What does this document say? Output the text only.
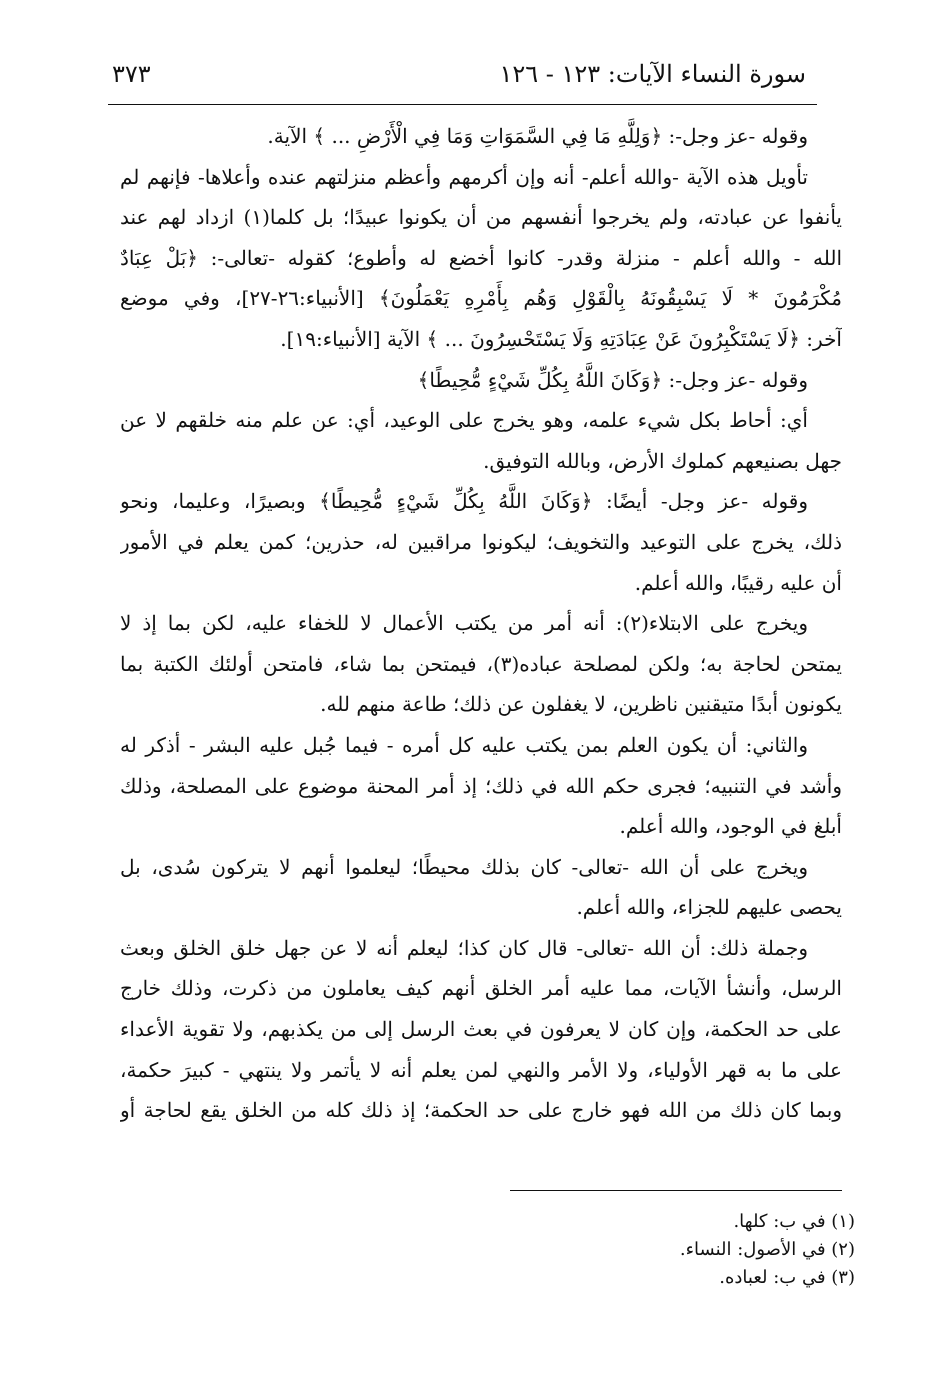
سورة النساء الآيات: ١٢٣ - ١٢٦
٣٧٣
وقوله -عز وجل-: ﴿وَلِلَّهِ مَا فِي السَّمَوَاتِ وَمَا فِي الْأَرْضِ ... ﴾ الآية.
تأويل هذه الآية -والله أعلم- أنه وإن أكرمهم وأعظم منزلتهم عنده وأعلاها- فإنهم لم
يأنفوا عن عبادته، ولم يخرجوا أنفسهم من أن يكونوا عبيدًا؛ بل كلما(١) ازداد لهم عند
الله - والله أعلم - منزلة وقدر- كانوا أخضع له وأطوع؛ كقوله -تعالى-: ﴿بَلْ عِبَادٌ
مُكْرَمُونَ * لَا يَسْبِقُونَهُ بِالْقَوْلِ وَهُم بِأَمْرِهِ يَعْمَلُونَ﴾ [الأنبياء:٢٦-٢٧]، وفي موضع
آخر: ﴿لَا يَسْتَكْبِرُونَ عَنْ عِبَادَتِهِ وَلَا يَسْتَحْسِرُونَ ... ﴾ الآية [الأنبياء:١٩].
وقوله -عز وجل-: ﴿وَكَانَ اللَّهُ بِكُلِّ شَيْءٍ مُّحِيطًا﴾
أي: أحاط بكل شيء علمه، وهو يخرج على الوعيد، أي: عن علم منه خلقهم لا عن
جهل بصنيعهم كملوك الأرض، وبالله التوفيق.
وقوله -عز وجل- أيضًا: ﴿وَكَانَ اللَّهُ بِكُلِّ شَيْءٍ مُّحِيطًا﴾ وبصيرًا، وعليما، ونحو
ذلك، يخرج على التوعيد والتخويف؛ ليكونوا مراقبين له، حذرين؛ كمن يعلم في الأمور
أن عليه رقيبًا، والله أعلم.
ويخرج على الابتلاء(٢): أنه أمر من يكتب الأعمال لا للخفاء عليه، لكن بما إذ لا
يمتحن لحاجة به؛ ولكن لمصلحة عباده(٣)، فيمتحن بما شاء، فامتحن أولئك الكتبة بما
يكونون أبدًا متيقنين ناظرين، لا يغفلون عن ذلك؛ طاعة منهم لله.
والثاني: أن يكون العلم بمن يكتب عليه كل أمره - فيما جُبل عليه البشر - أذكر له
وأشد في التنبيه؛ فجرى حكم الله في ذلك؛ إذ أمر المحنة موضوع على المصلحة، وذلك
أبلغ في الوجود، والله أعلم.
ويخرج على أن الله -تعالى- كان بذلك محيطًا؛ ليعلموا أنهم لا يتركون سُدى، بل
يحصى عليهم للجزاء، والله أعلم.
وجملة ذلك: أن الله -تعالى- قال كان كذا؛ ليعلم أنه لا عن جهل خلق الخلق وبعث
الرسل، وأنشأ الآيات، مما عليه أمر الخلق أنهم كيف يعاملون من ذكرت، وذلك خارج
على حد الحكمة، وإن كان لا يعرفون في بعث الرسل إلى من يكذبهم، ولا تقوية الأعداء
على ما به قهر الأولياء، ولا الأمر والنهي لمن يعلم أنه لا يأتمر ولا ينتهي - كبيرَ حكمة،
وبما كان ذلك من الله فهو خارج على حد الحكمة؛ إذ ذلك كله من الخلق يقع لحاجة أو
(١) في ب: كلها.
(٢) في الأصول: النساء.
(٣) في ب: لعباده.
